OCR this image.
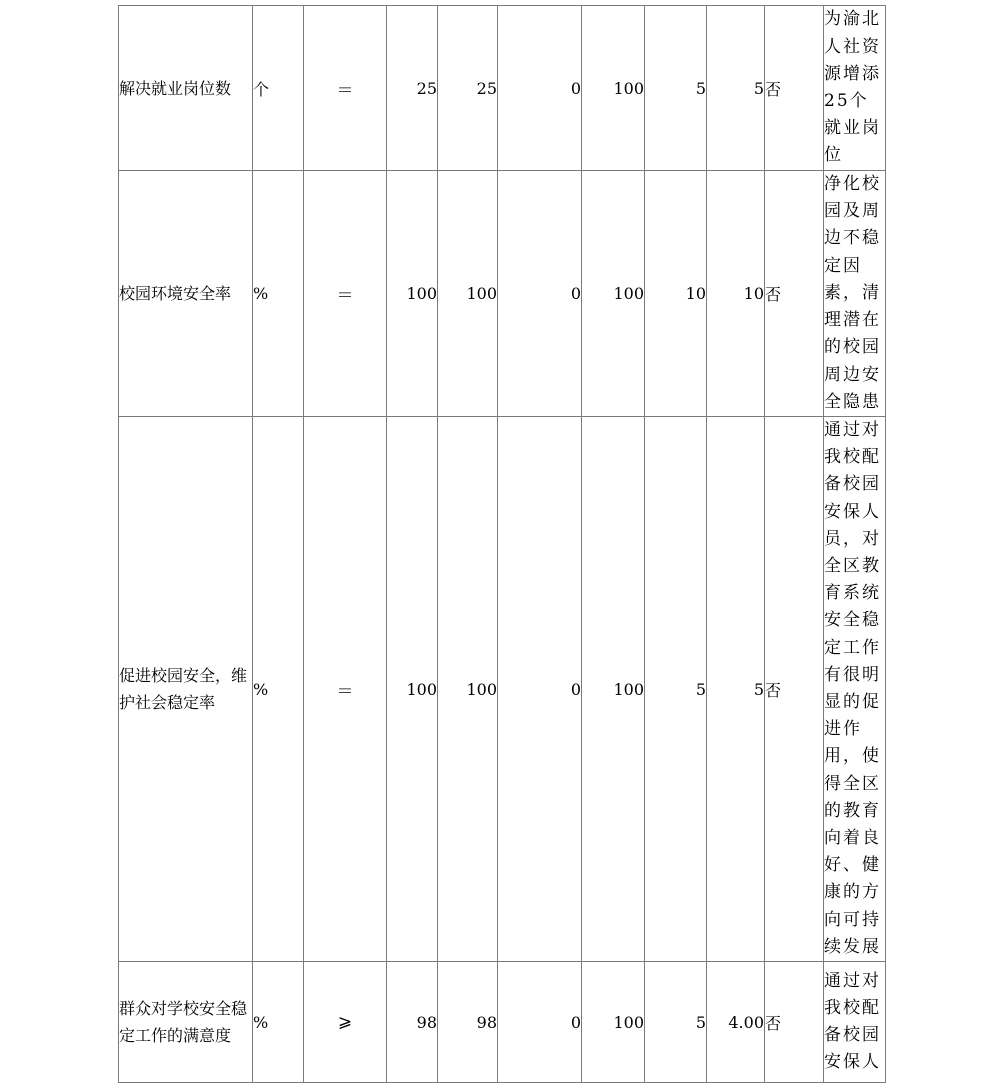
解决就业岗位数	个	＝	25	25	0	100	5	5	否	为渝北人社资源增添25个就业岗位
校园环境安全率	%	＝	100	100	0	100	10	10	否	净化校园及周边不稳定因素，清理潜在的校园周边安全隐患
促进校园安全，维护社会稳定率	%	＝	100	100	0	100	5	5	否	通过对我校配备校园安保人员，对全区教育系统安全稳定工作有很明显的促进作用，使得全区的教育向着良好、健康的方向可持续发展
群众对学校安全稳定工作的满意度	%	⩾	98	98	0	100	5	4.00	否	通过对我校配备校园安保人
